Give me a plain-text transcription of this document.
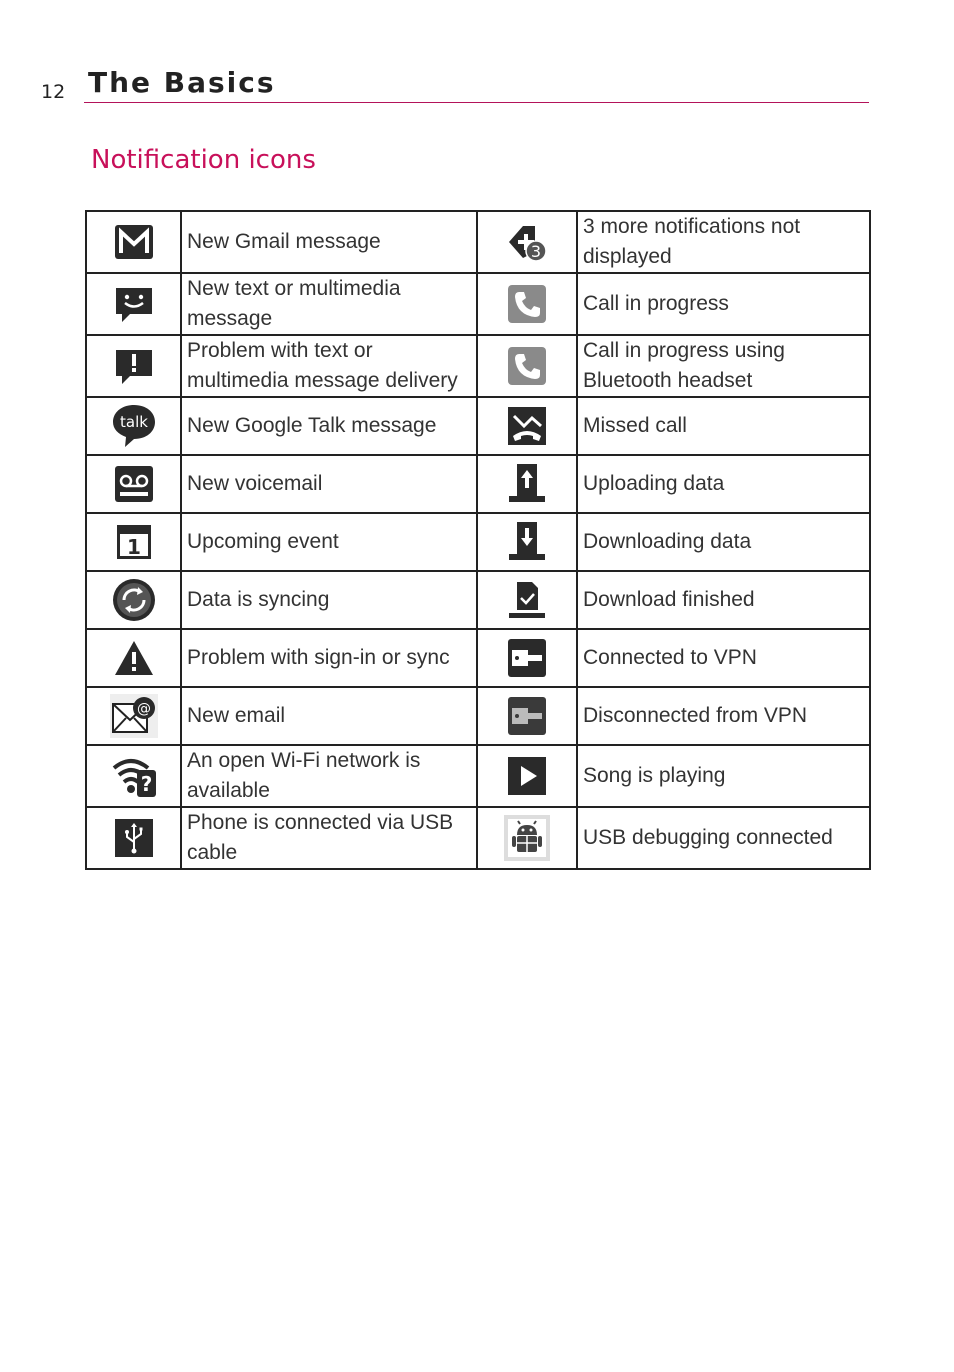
12 The Basics
Notification icons
	New Gmail message	3	3 more notifications not displayed

	New text or multimedia message		Call in progress

	Problem with text or multimedia message delivery		Call in progress using Bluetooth headset

talk	New Google Talk message		Missed call

	New voicemail		Uploading data

1	Upcoming event		Downloading data

	Data is syncing		Download finished

	Problem with sign-in or sync		Connected to VPN

@	New email		Disconnected from VPN

?	An open Wi-Fi network is available		Song is playing

	Phone is connected via USB cable		USB debugging connected
